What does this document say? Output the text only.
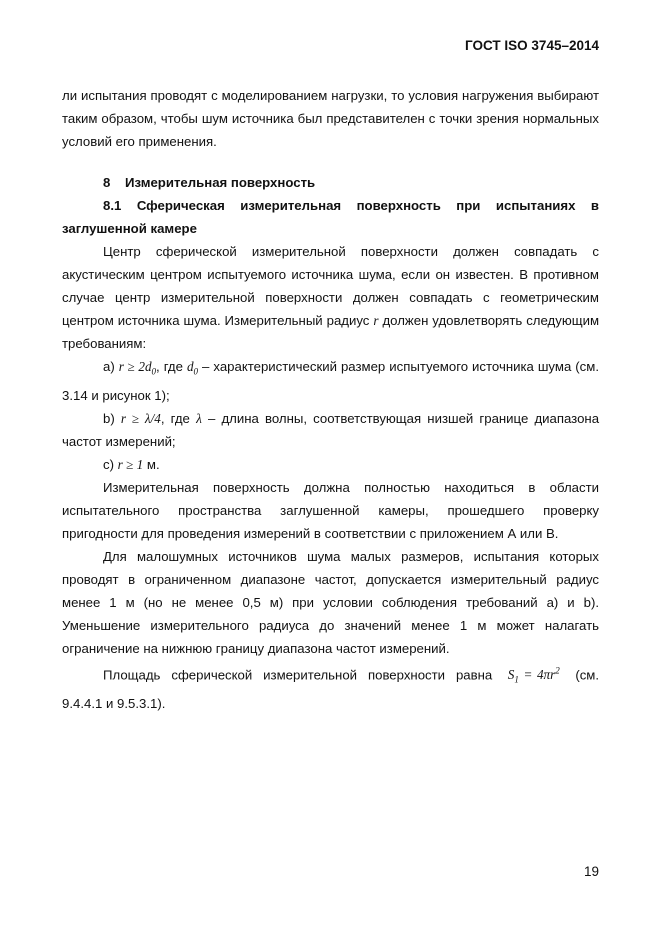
ГОСТ ISO 3745–2014

ли испытания проводят с моделированием нагрузки, то условия нагружения выбирают таким образом, чтобы шум источника был представителен с точки зрения нормальных условий его применения.

8 Измерительная поверхность

8.1 Сферическая измерительная поверхность при испытаниях в

заглушенной камере

Центр сферической измерительной поверхности должен совпадать с акустическим центром испытуемого источника шума, если он известен. В противном случае центр измерительной поверхности должен совпадать с геометрическим центром источника шума. Измерительный радиус r должен удовлетворять следующим требованиям:

a) $r \ge 2d_0$, где $d_0$ – характеристический размер испытуемого источника шума (см. 3.14 и рисунок 1);

b) r ≥ λ/4, где λ – длина волны, соответствующая низшей границе диапазона частот измерений;

c) r ≥ 1 м.

Измерительная поверхность должна полностью находиться в области испытательного пространства заглушенной камеры, прошедшего проверку пригодности для проведения измерений в соответствии с приложением А или В.

Для малошумных источников шума малых размеров, испытания которых проводят в ограниченном диапазоне частот, допускается измерительный радиус менее 1 м (но не менее 0,5 м) при условии соблюдения требований a) и b). Уменьшение измерительного радиуса до значений менее 1 м может налагать ограничение на нижнюю границу диапазона частот измерений.

Площадь сферической измерительной поверхности равна $S_1 = 4\pi r^2$ (см. 9.4.4.1 и 9.5.3.1).

19
